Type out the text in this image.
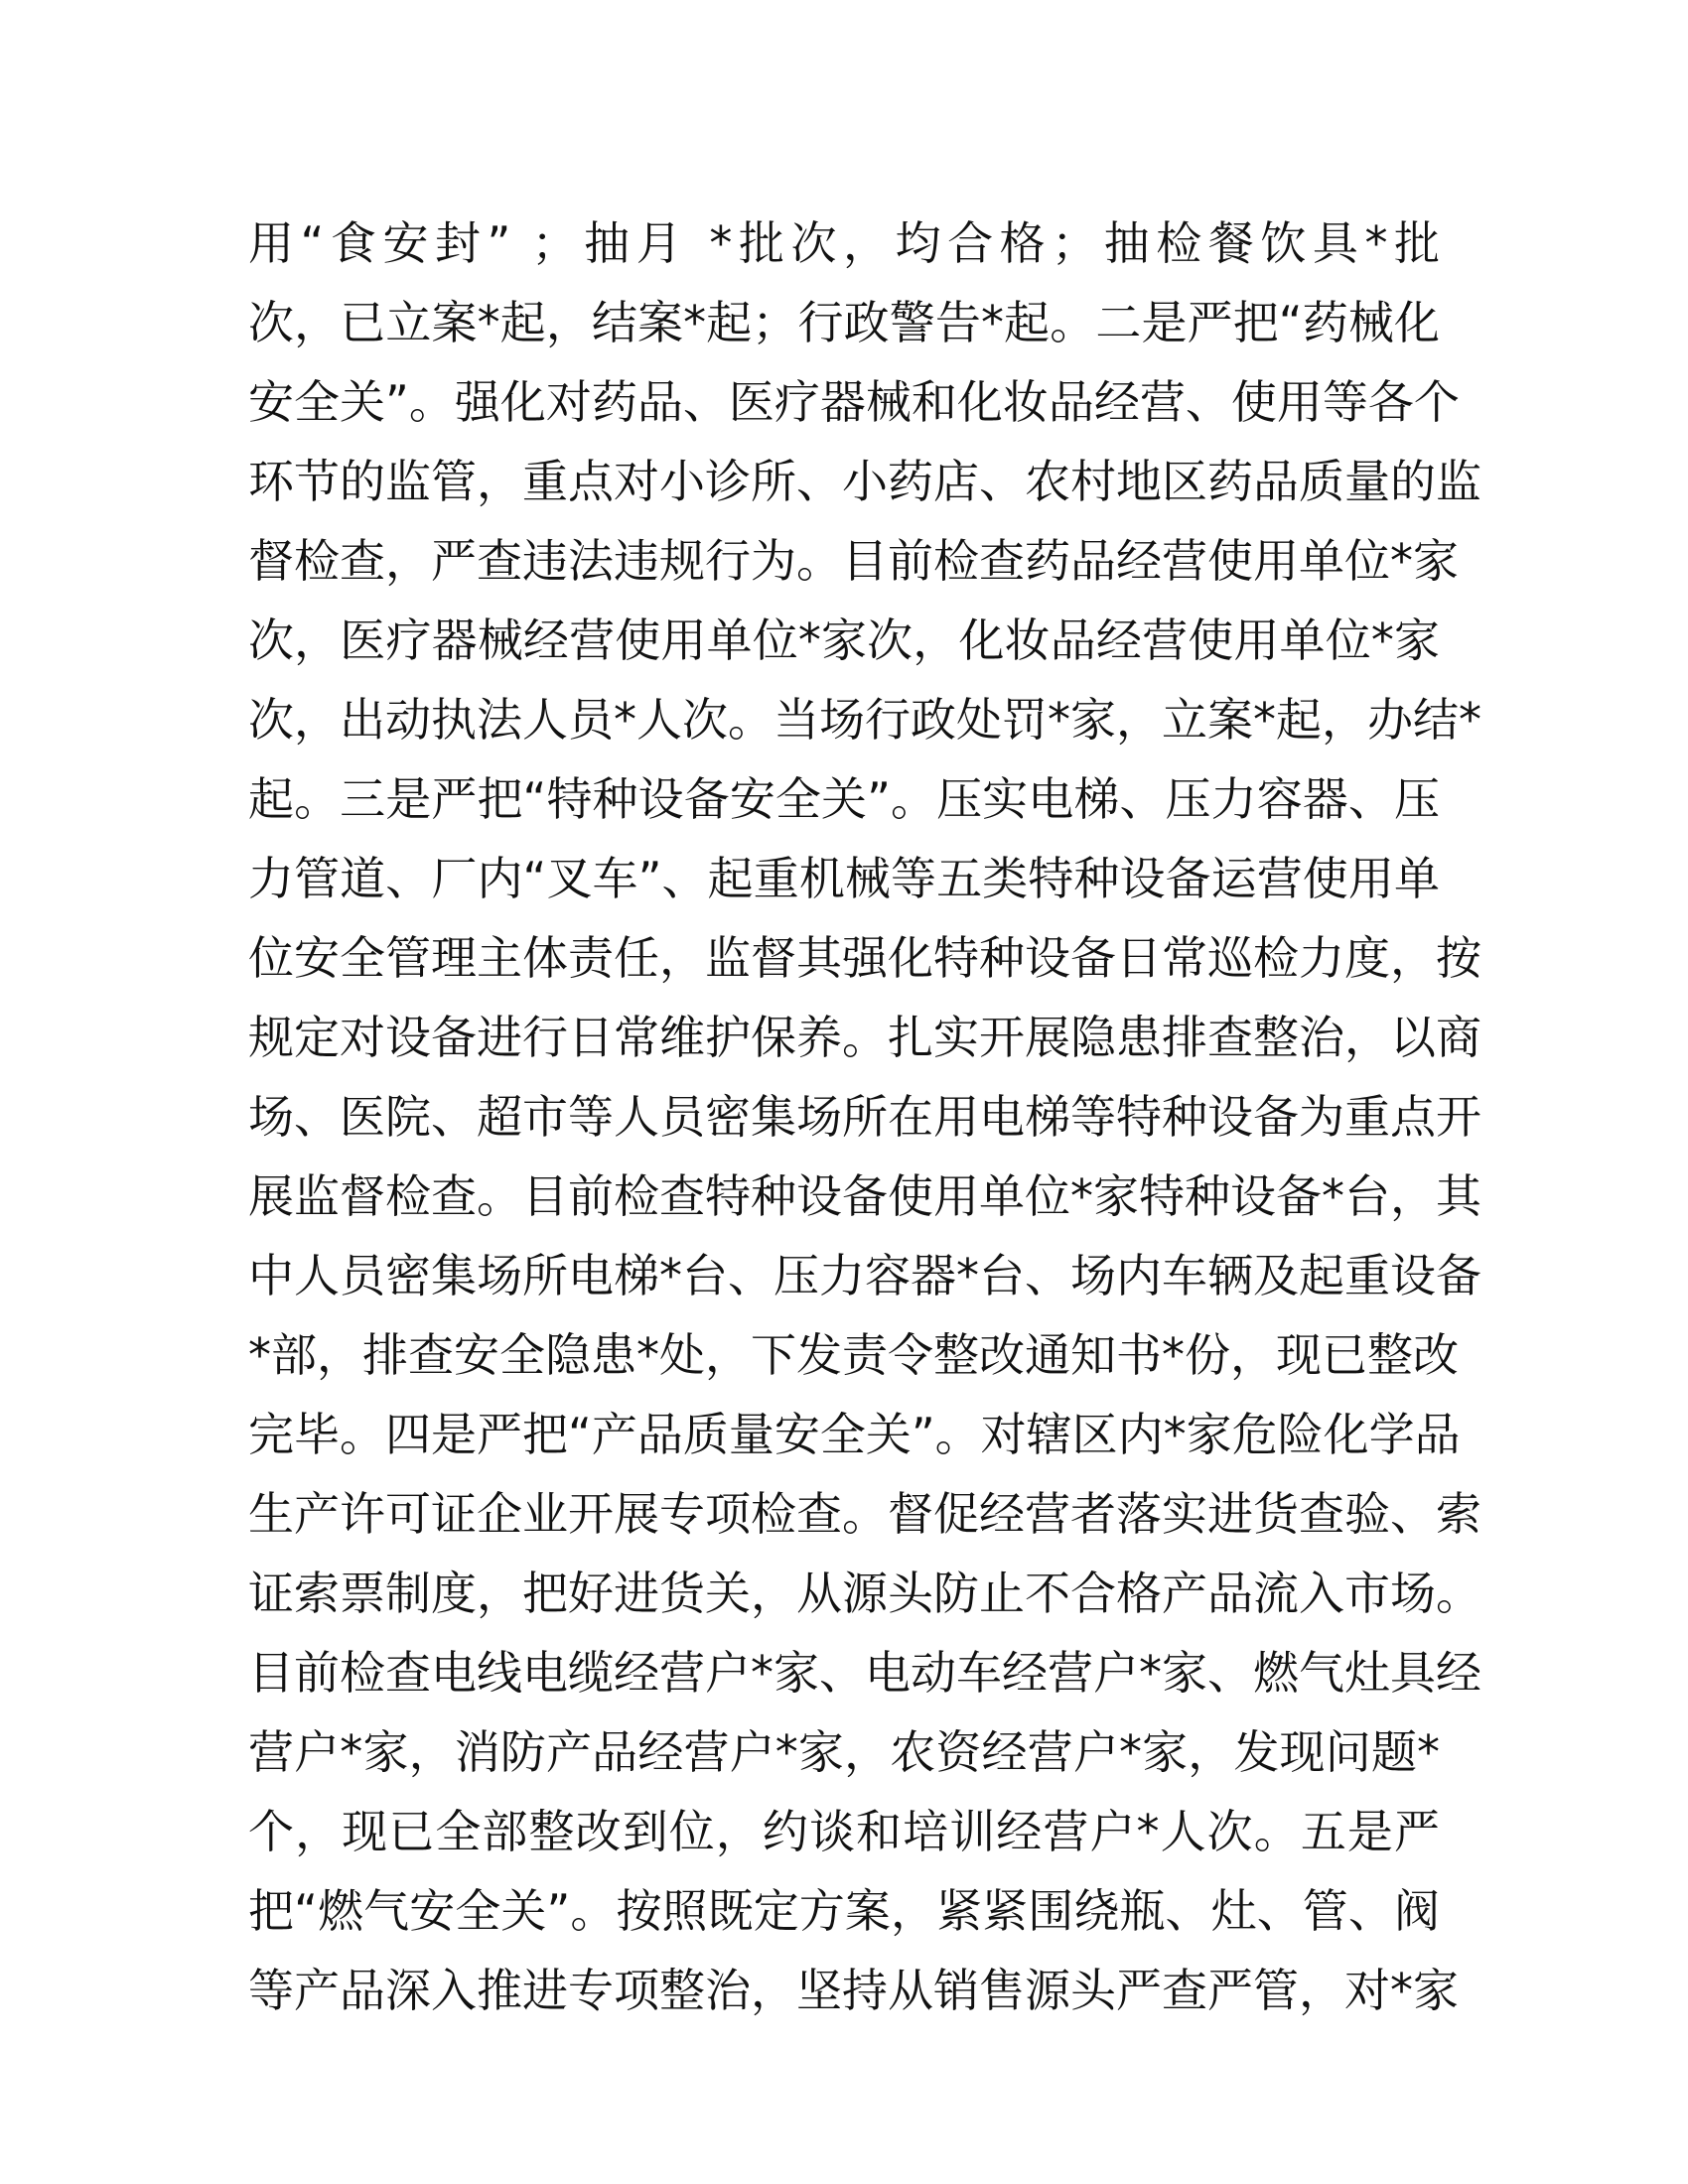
用“食安封” ；抽月 *批次，均合格；抽检餐饮具*批
次，已立案*起，结案*起；行政警告*起。二是严把“药械化
安全关”。强化对药品、医疗器械和化妆品经营、使用等各个
环节的监管，重点对小诊所、小药店、农村地区药品质量的监
督检查，严查违法违规行为。目前检查药品经营使用单位*家
次，医疗器械经营使用单位*家次，化妆品经营使用单位*家
次，出动执法人员*人次。当场行政处罚*家，立案*起，办结*
起。三是严把“特种设备安全关”。压实电梯、压力容器、压
力管道、厂内“叉车”、起重机械等五类特种设备运营使用单
位安全管理主体责任，监督其强化特种设备日常巡检力度，按
规定对设备进行日常维护保养。扎实开展隐患排查整治，以商
场、医院、超市等人员密集场所在用电梯等特种设备为重点开
展监督检查。目前检查特种设备使用单位*家特种设备*台，其
中人员密集场所电梯*台、压力容器*台、场内车辆及起重设备
*部，排查安全隐患*处，下发责令整改通知书*份，现已整改
完毕。四是严把“产品质量安全关”。对辖区内*家危险化学品
生产许可证企业开展专项检查。督促经营者落实进货查验、索
证索票制度，把好进货关，从源头防止不合格产品流入市场。
目前检查电线电缆经营户*家、电动车经营户*家、燃气灶具经
营户*家，消防产品经营户*家，农资经营户*家，发现问题*
个，现已全部整改到位，约谈和培训经营户*人次。五是严
把“燃气安全关”。按照既定方案，紧紧围绕瓶、灶、管、阀
等产品深入推进专项整治，坚持从销售源头严查严管，对*家
